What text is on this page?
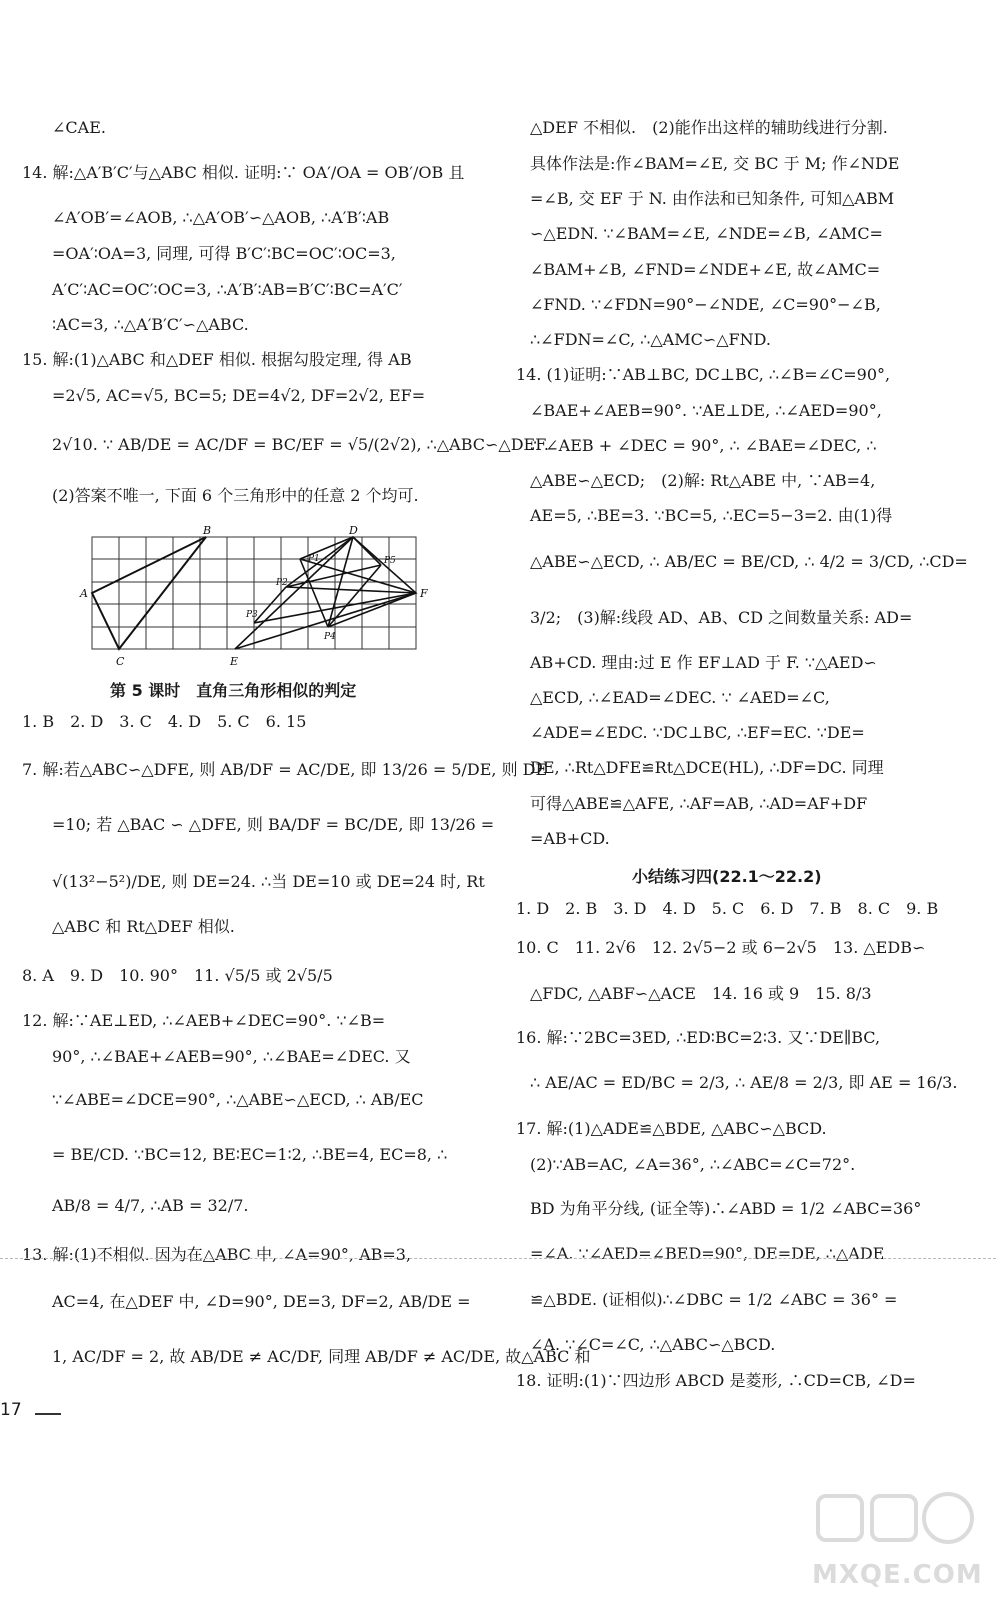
∠CAE.
14. 解:△A′B′C′与△ABC 相似. 证明:∵ OA′/OA = OB′/OB 且
∠A′OB′=∠AOB, ∴△A′OB′∽△AOB, ∴A′B′∶AB
=OA′∶OA=3, 同理, 可得 B′C′∶BC=OC′∶OC=3,
A′C′∶AC=OC′∶OC=3, ∴A′B′∶AB=B′C′∶BC=A′C′
∶AC=3, ∴△A′B′C′∽△ABC.
15. 解:(1)△ABC 和△DEF 相似. 根据勾股定理, 得 AB
=2√5, AC=√5, BC=5; DE=4√2, DF=2√2, EF=
2√10. ∵ AB/DE = AC/DF = BC/EF = √5/(2√2), ∴△ABC∽△DEF.
(2)答案不唯一, 下面 6 个三角形中的任意 2 个均可.
第 5 课时　直角三角形相似的判定
1. B　2. D　3. C　4. D　5. C　6. 15
7. 解:若△ABC∽△DFE, 则 AB/DF = AC/DE, 即 13/26 = 5/DE, 则 DE
=10; 若 △BAC ∽ △DFE, 则 BA/DF = BC/DE, 即 13/26 =
√(13²−5²)/DE, 则 DE=24. ∴当 DE=10 或 DE=24 时, Rt
△ABC 和 Rt△DEF 相似.
8. A　9. D　10. 90°　11. √5/5 或 2√5/5
12. 解:∵AE⊥ED, ∴∠AEB+∠DEC=90°. ∵∠B=
90°, ∴∠BAE+∠AEB=90°, ∴∠BAE=∠DEC. 又
∵∠ABE=∠DCE=90°, ∴△ABE∽△ECD, ∴ AB/EC
= BE/CD. ∵BC=12, BE∶EC=1∶2, ∴BE=4, EC=8, ∴
AB/8 = 4/7, ∴AB = 32/7.
13. 解:(1)不相似. 因为在△ABC 中, ∠A=90°, AB=3,
AC=4, 在△DEF 中, ∠D=90°, DE=3, DF=2, AB/DE =
1, AC/DF = 2, 故 AB/DE ≠ AC/DF, 同理 AB/DF ≠ AC/DE, 故△ABC 和
A
B
C
D
E
F
P1
P2
P3
P4
P5
△DEF 不相似.　(2)能作出这样的辅助线进行分割.
具体作法是:作∠BAM=∠E, 交 BC 于 M; 作∠NDE
=∠B, 交 EF 于 N. 由作法和已知条件, 可知△ABM
∽△EDN. ∵∠BAM=∠E, ∠NDE=∠B, ∠AMC=
∠BAM+∠B, ∠FND=∠NDE+∠E, 故∠AMC=
∠FND. ∵∠FDN=90°−∠NDE, ∠C=90°−∠B,
∴∠FDN=∠C, ∴△AMC∽△FND.
14. (1)证明:∵AB⊥BC, DC⊥BC, ∴∠B=∠C=90°,
∠BAE+∠AEB=90°. ∵AE⊥DE, ∴∠AED=90°,
∴ ∠AEB + ∠DEC = 90°, ∴ ∠BAE=∠DEC, ∴
△ABE∽△ECD;　(2)解: Rt△ABE 中, ∵AB=4,
AE=5, ∴BE=3. ∵BC=5, ∴EC=5−3=2. 由(1)得
△ABE∽△ECD, ∴ AB/EC = BE/CD, ∴ 4/2 = 3/CD, ∴CD=
3/2;　(3)解:线段 AD、AB、CD 之间数量关系: AD=
AB+CD. 理由:过 E 作 EF⊥AD 于 F. ∵△AED∽
△ECD, ∴∠EAD=∠DEC. ∵ ∠AED=∠C,
∠ADE=∠EDC. ∵DC⊥BC, ∴EF=EC. ∵DE=
DE, ∴Rt△DFE≌Rt△DCE(HL), ∴DF=DC. 同理
可得△ABE≌△AFE, ∴AF=AB, ∴AD=AF+DF
=AB+CD.
小结练习四(22.1～22.2)
1. D　2. B　3. D　4. D　5. C　6. D　7. B　8. C　9. B
10. C　11. 2√6　12. 2√5−2 或 6−2√5　13. △EDB∽
△FDC, △ABF∽△ACE　14. 16 或 9　15. 8/3
16. 解:∵2BC=3ED, ∴ED∶BC=2∶3. 又∵DE∥BC,
∴ AE/AC = ED/BC = 2/3, ∴ AE/8 = 2/3, 即 AE = 16/3.
17. 解:(1)△ADE≌△BDE, △ABC∽△BCD.
(2)∵AB=AC, ∠A=36°, ∴∠ABC=∠C=72°.
BD 为角平分线, (证全等)∴∠ABD = 1/2 ∠ABC=36°
=∠A. ∵∠AED=∠BED=90°, DE=DE, ∴△ADE
≌△BDE. (证相似)∴∠DBC = 1/2 ∠ABC = 36° =
∠A. ∵∠C=∠C, ∴△ABC∽△BCD.
18. 证明:(1)∵四边形 ABCD 是菱形, ∴CD=CB, ∠D=
17
MXQE.COM
